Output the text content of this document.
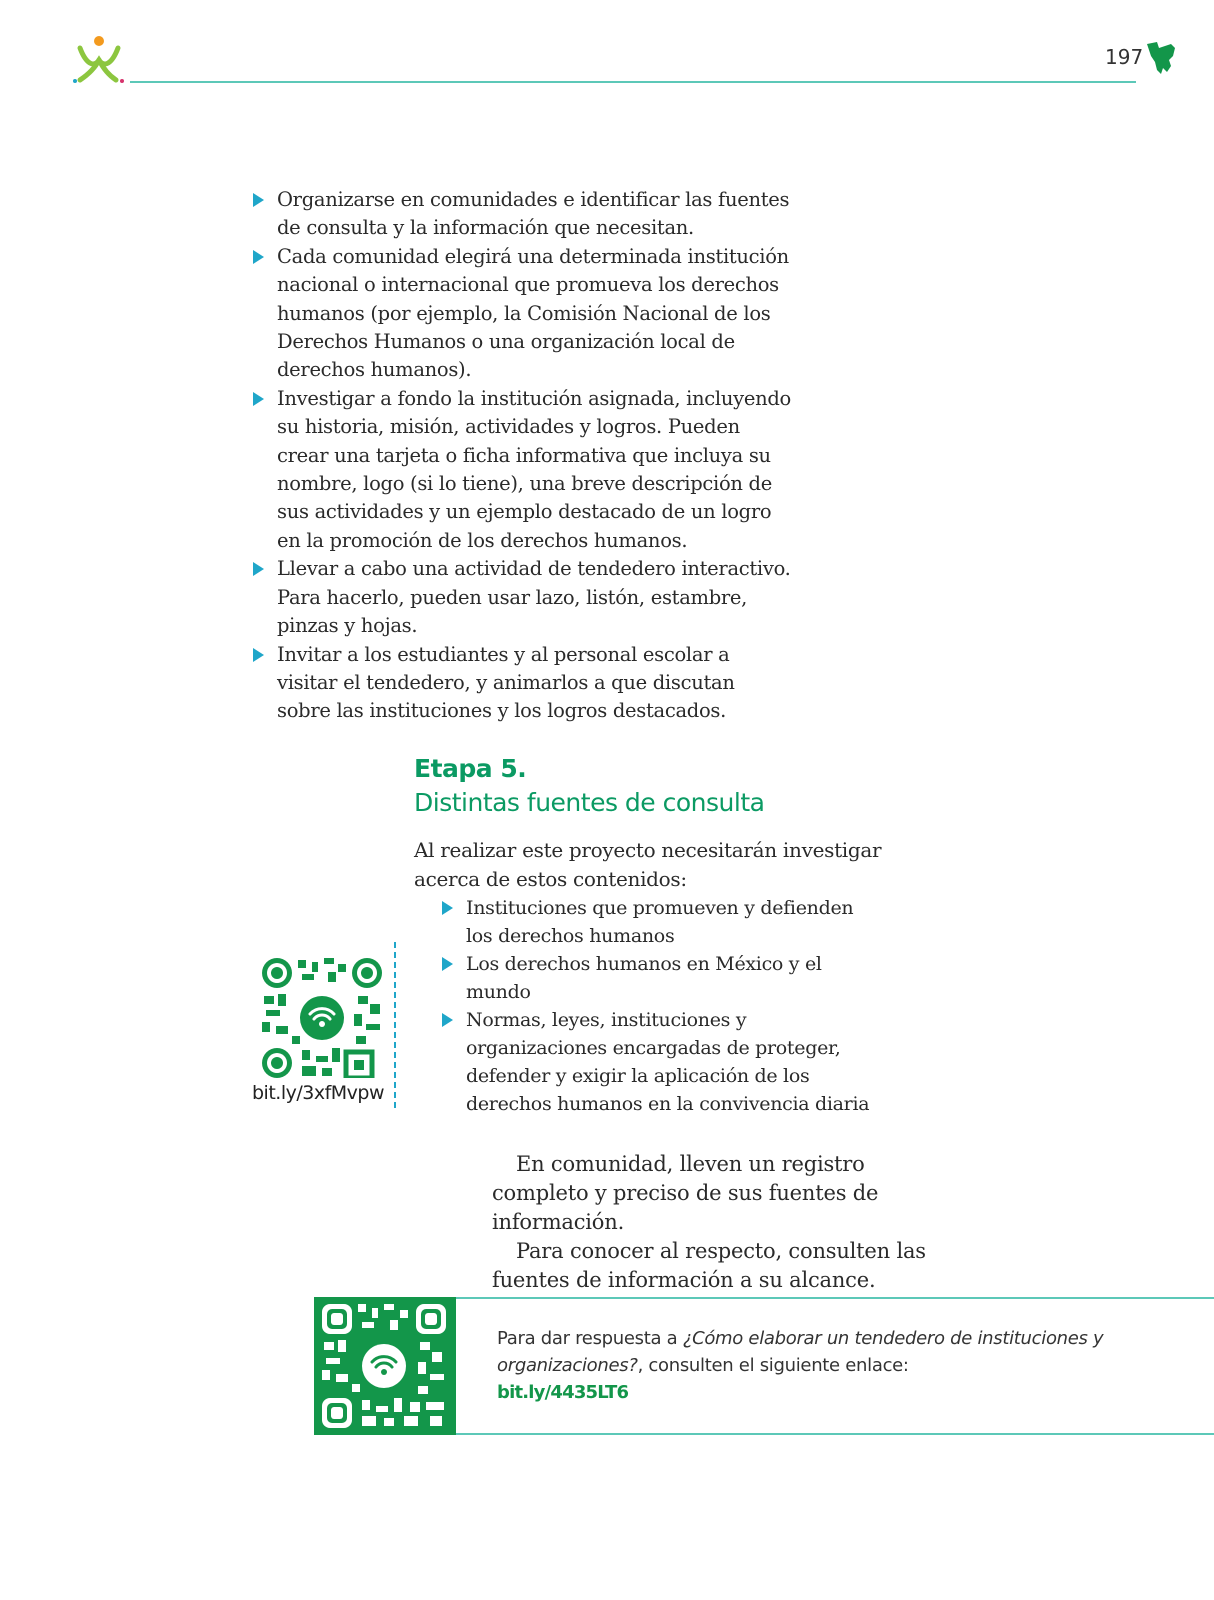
197
Organizarse en comunidades e identificar las fuentes de consulta y la información que necesitan.
Cada comunidad elegirá una determinada institución nacional o internacional que promueva los derechos humanos (por ejemplo, la Comisión Nacional de los Derechos Humanos o una organización local de derechos humanos).
Investigar a fondo la institución asignada, incluyendo su historia, misión, actividades y logros. Pueden crear una tarjeta o ficha informativa que incluya su nombre, logo (si lo tiene), una breve descripción de sus actividades y un ejemplo destacado de un logro en la promoción de los derechos humanos.
Llevar a cabo una actividad de tendedero interactivo. Para hacerlo, pueden usar lazo, listón, estambre, pinzas y hojas.
Invitar a los estudiantes y al personal escolar a visitar el tendedero, y animarlos a que discutan sobre las instituciones y los logros destacados.
Etapa 5.
Distintas fuentes de consulta
Al realizar este proyecto necesitarán investigar acerca de estos contenidos:
Instituciones que promueven y defienden los derechos humanos
Los derechos humanos en México y el mundo
Normas, leyes, instituciones y organizaciones encargadas de proteger, defender y exigir la aplicación de los derechos humanos en la convivencia diaria
bit.ly/3xfMvpw

En comunidad, lleven un registro completo y preciso de sus fuentes de información.

Para conocer al respecto, consulten las fuentes de información a su alcance.

Para dar respuesta a ¿Cómo elaborar un tendedero de instituciones y organizaciones?, consulten el siguiente enlace:
bit.ly/4435LT6
